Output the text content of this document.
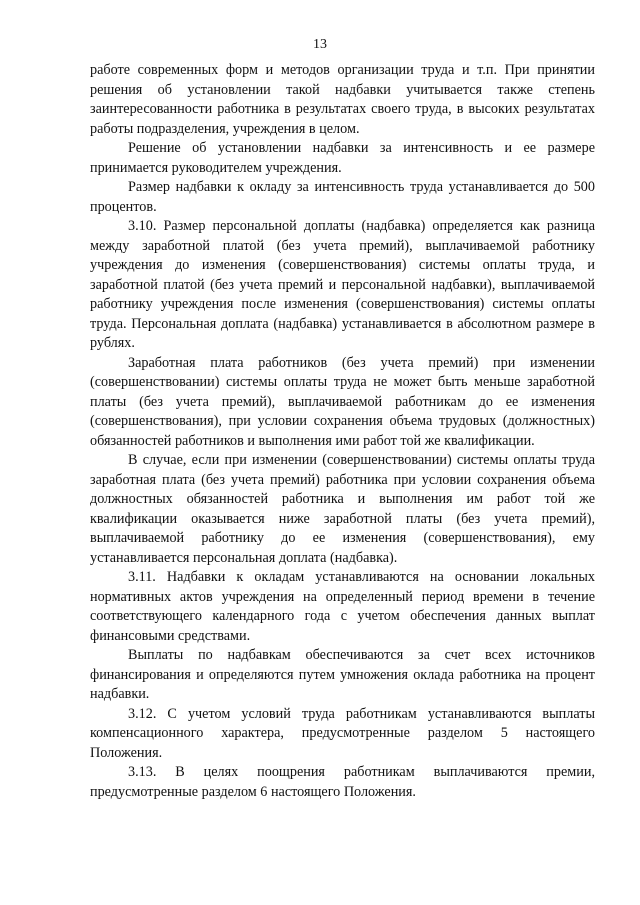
13

работе современных форм и методов организации труда и т.п. При принятии решения об установлении такой надбавки учитывается также степень заинтересованности работника в результатах своего труда, в высоких результатах работы подразделения, учреждения в целом.

Решение об установлении надбавки за интенсивность и ее размере принимается руководителем учреждения.

Размер надбавки к окладу за интенсивность труда устанавливается до 500 процентов.

3.10. Размер персональной доплаты (надбавка) определяется как разница между заработной платой (без учета премий), выплачиваемой работнику учреждения до изменения (совершенствования) системы оплаты труда, и заработной платой (без учета премий и персональной надбавки), выплачиваемой работнику учреждения после изменения (совершенствования) системы оплаты труда. Персональная доплата (надбавка) устанавливается в абсолютном размере в рублях.

Заработная плата работников (без учета премий) при изменении (совершенствовании) системы оплаты труда не может быть меньше заработной платы (без учета премий), выплачиваемой работникам до ее изменения (совершенствования), при условии сохранения объема трудовых (должностных) обязанностей работников и выполнения ими работ той же квалификации.

В случае, если при изменении (совершенствовании) системы оплаты труда заработная плата (без учета премий) работника при условии сохранения объема должностных обязанностей работника и выполнения им работ той же квалификации оказывается ниже заработной платы (без учета премий), выплачиваемой работнику до ее изменения (совершенствования), ему устанавливается персональная доплата (надбавка).

3.11. Надбавки к окладам устанавливаются на основании локальных нормативных актов учреждения на определенный период времени в течение соответствующего календарного года с учетом обеспечения данных выплат финансовыми средствами.

Выплаты по надбавкам обеспечиваются за счет всех источников финансирования и определяются путем умножения оклада работника на процент надбавки.

3.12. С учетом условий труда работникам устанавливаются выплаты компенсационного характера, предусмотренные разделом 5 настоящего Положения.

3.13. В целях поощрения работникам выплачиваются премии, предусмотренные разделом 6 настоящего Положения.
